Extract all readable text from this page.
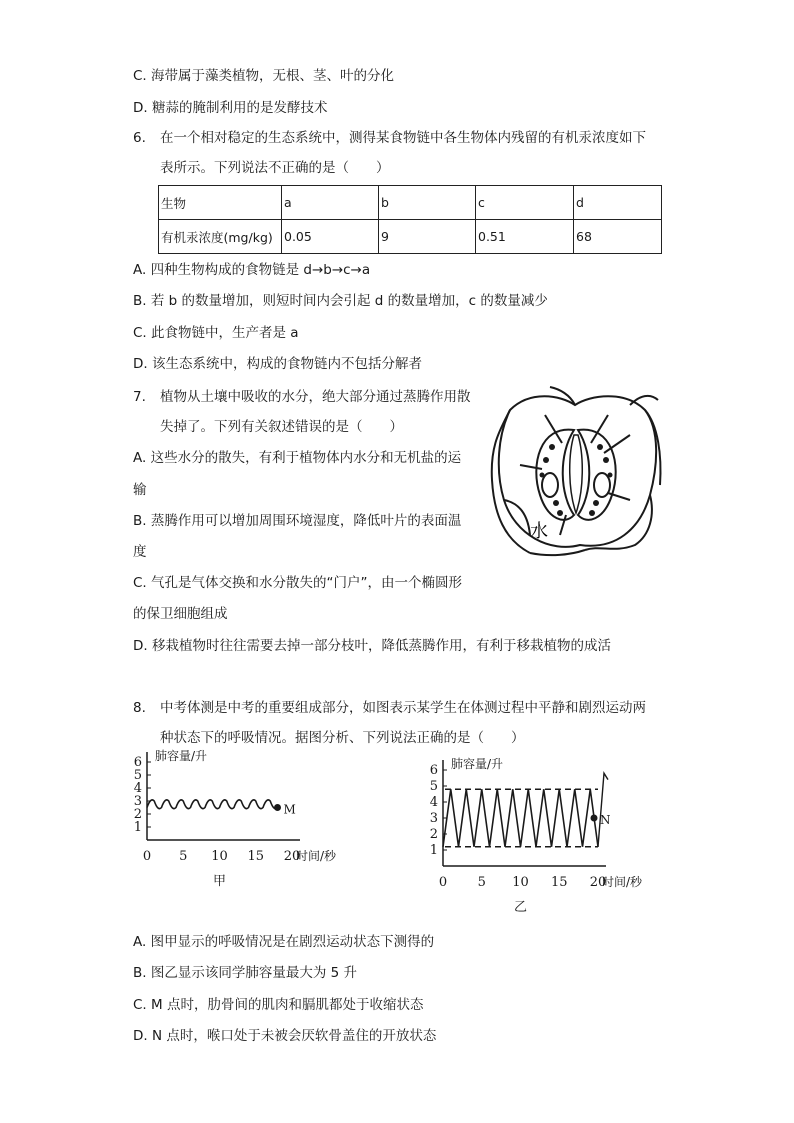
C. 海带属于藻类植物，无根、茎、叶的分化
D. 糖蒜的腌制利用的是发酵技术
6. 在一个相对稳定的生态系统中，测得某食物链中各生物体内残留的有机汞浓度如下
表所示。下列说法不正确的是（　　）
生物	a	b	c	d
有机汞浓度(mg/kg)	0.05	9	0.51	68
A. 四种生物构成的食物链是 d→b→c→a
B. 若 b 的数量增加，则短时间内会引起 d 的数量增加，c 的数量减少
C. 此食物链中，生产者是 a
D. 该生态系统中，构成的食物链内不包括分解者
7. 植物从土壤中吸收的水分，绝大部分通过蒸腾作用散
失掉了。下列有关叙述错误的是（　　）
A. 这些水分的散失，有利于植物体内水分和无机盐的运
输
B. 蒸腾作用可以增加周围环境湿度，降低叶片的表面温
度
C. 气孔是气体交换和水分散失的“门户”，由一个椭圆形
的保卫细胞组成
D. 移栽植物时往往需要去掉一部分枝叶，降低蒸腾作用，有利于移栽植物的成活
水
8. 中考体测是中考的重要组成部分，如图表示某学生在体测过程中平静和剧烈运动两
种状态下的呼吸情况。据图分析、下列说法正确的是（　　）
肺容量/升
时间/秒
1
2
3
4
5
6
0 5 10 15 20
M
甲
肺容量/升
时间/秒
1
2
3
4
5
6
0 5 10 15 20
N
乙
A. 图甲显示的呼吸情况是在剧烈运动状态下测得的
B. 图乙显示该同学肺容量最大为 5 升
C. M 点时，肋骨间的肌肉和膈肌都处于收缩状态
D. N 点时，喉口处于未被会厌软骨盖住的开放状态
